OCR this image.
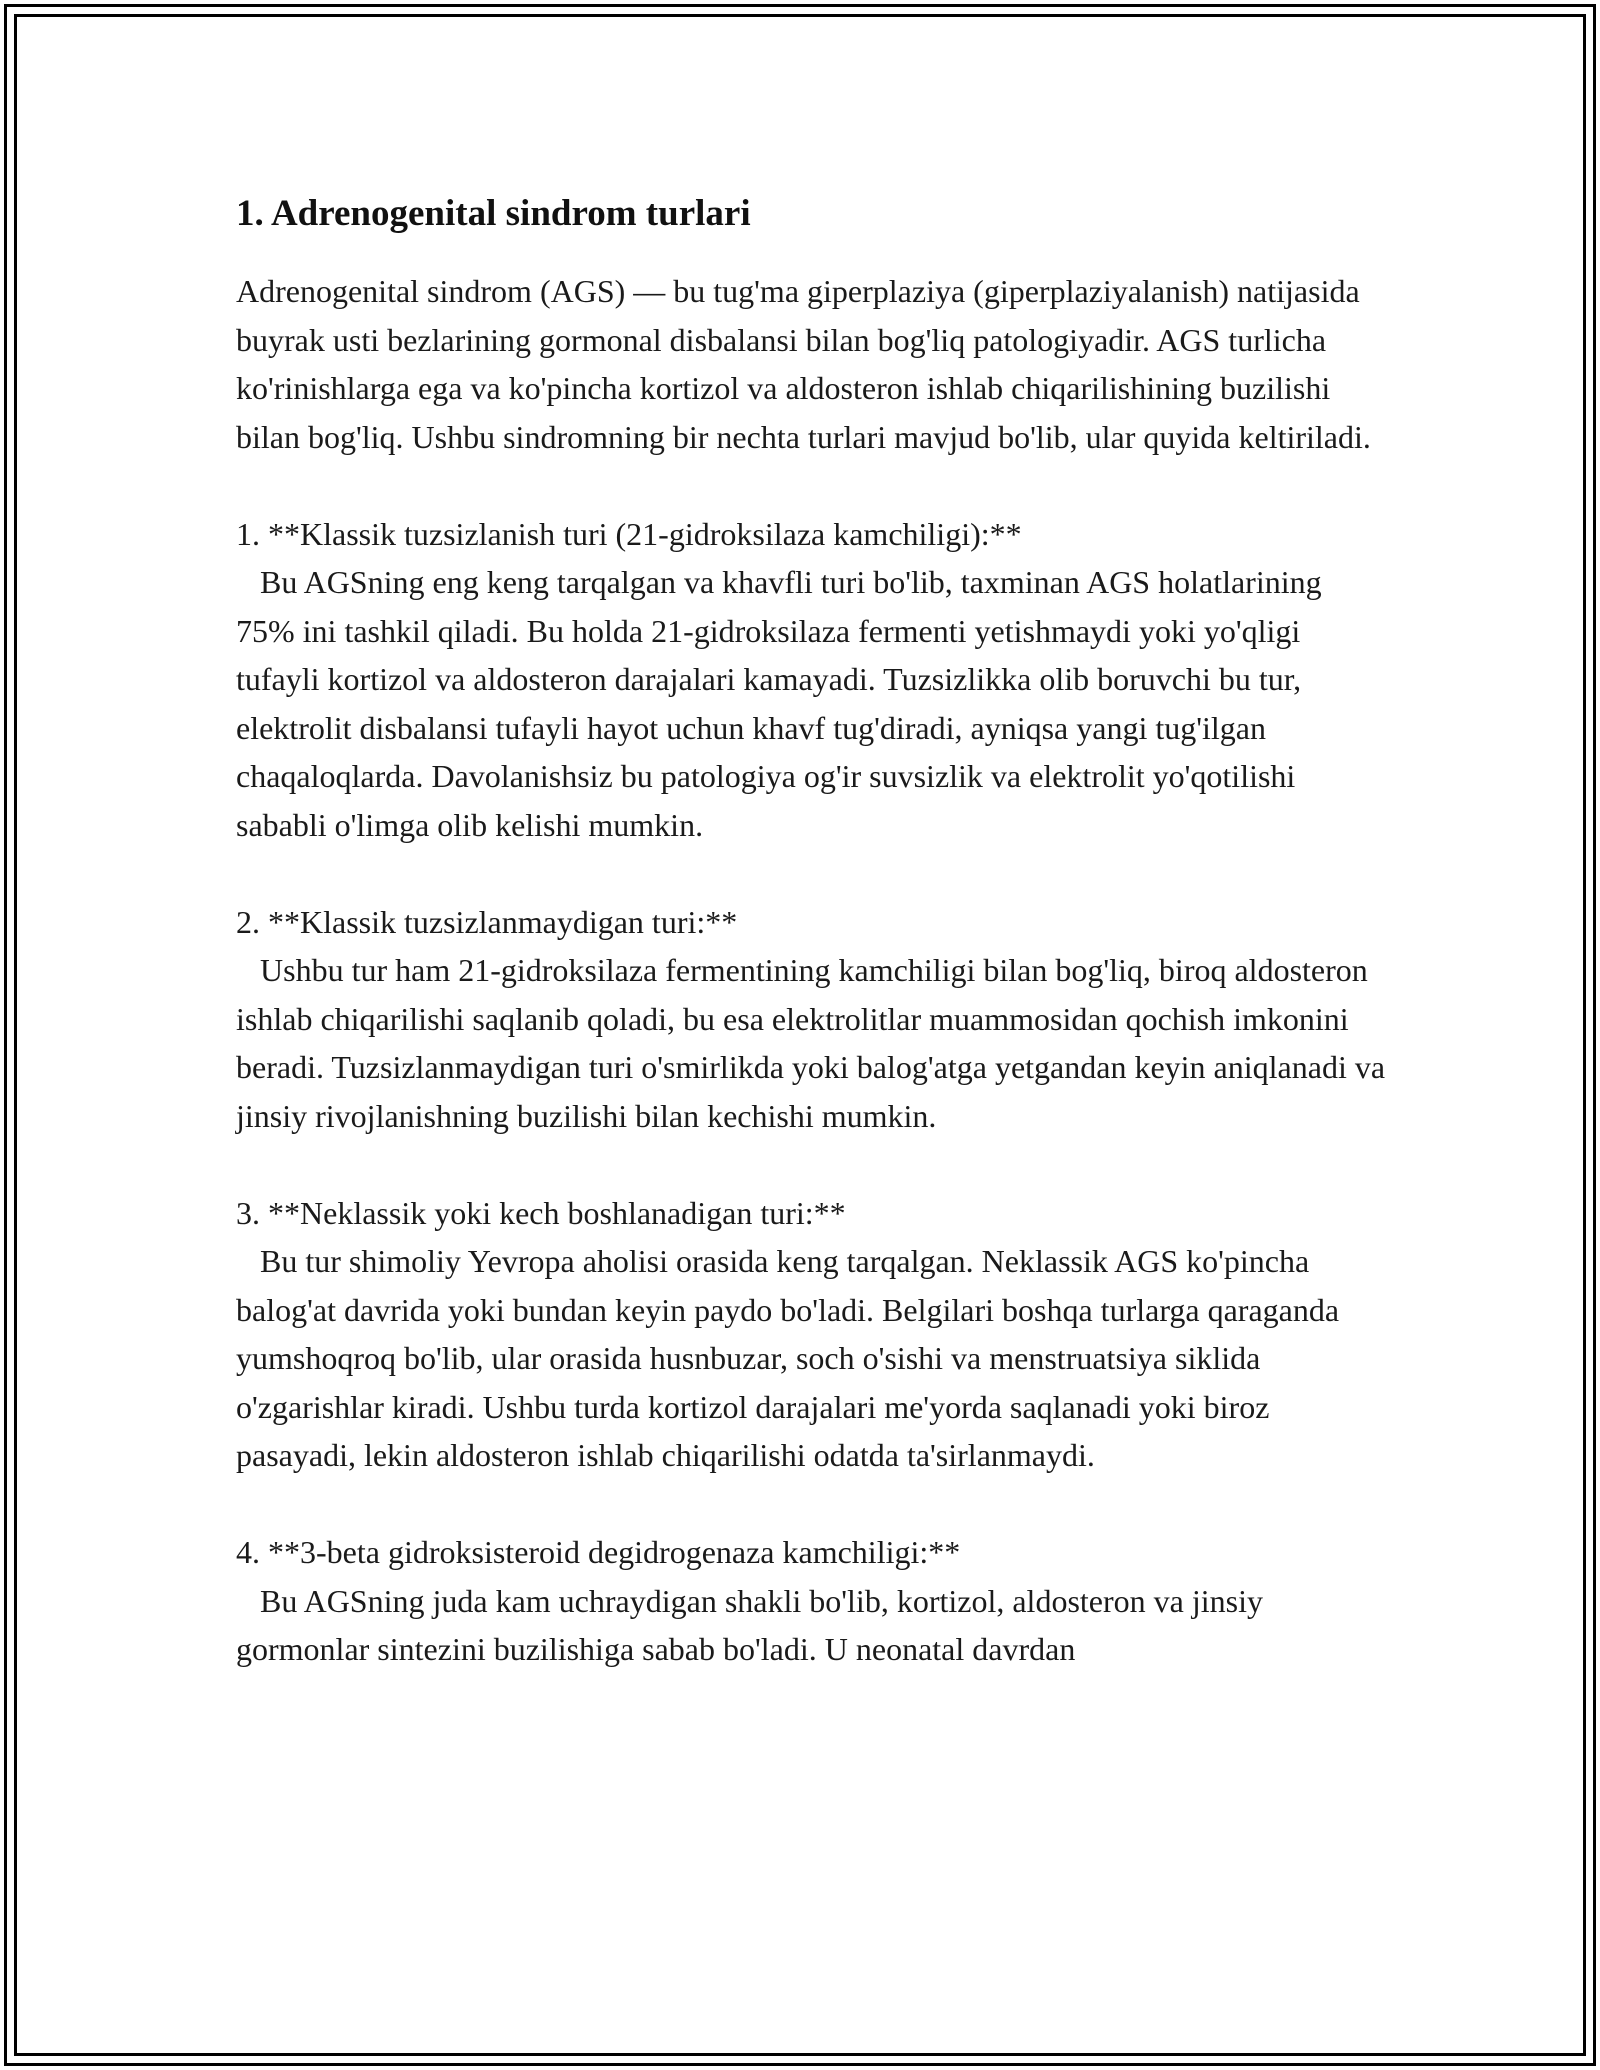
1. Adrenogenital sindrom turlari

Adrenogenital sindrom (AGS) — bu tug'ma giperplaziya (giperplaziyalanish) natijasida buyrak usti bezlarining gormonal disbalansi bilan bog'liq patologiyadir. AGS turlicha ko'rinishlarga ega va ko'pincha kortizol va aldosteron ishlab chiqarilishining buzilishi bilan bog'liq. Ushbu sindromning bir nechta turlari mavjud bo'lib, ular quyida keltiriladi.

1. **Klassik tuzsizlanish turi (21-gidroksilaza kamchiligi):**
Bu AGSning eng keng tarqalgan va khavfli turi bo'lib, taxminan AGS holatlarining 75% ini tashkil qiladi. Bu holda 21-gidroksilaza fermenti yetishmaydi yoki yo'qligi tufayli kortizol va aldosteron darajalari kamayadi. Tuzsizlikka olib boruvchi bu tur, elektrolit disbalansi tufayli hayot uchun khavf tug'diradi, ayniqsa yangi tug'ilgan chaqaloqlarda. Davolanishsiz bu patologiya og'ir suvsizlik va elektrolit yo'qotilishi sababli o'limga olib kelishi mumkin.

2. **Klassik tuzsizlanmaydigan turi:**
Ushbu tur ham 21-gidroksilaza fermentining kamchiligi bilan bog'liq, biroq aldosteron ishlab chiqarilishi saqlanib qoladi, bu esa elektrolitlar muammosidan qochish imkonini beradi. Tuzsizlanmaydigan turi o'smirlikda yoki balog'atga yetgandan keyin aniqlanadi va jinsiy rivojlanishning buzilishi bilan kechishi mumkin.

3. **Neklassik yoki kech boshlanadigan turi:**
Bu tur shimoliy Yevropa aholisi orasida keng tarqalgan. Neklassik AGS ko'pincha balog'at davrida yoki bundan keyin paydo bo'ladi. Belgilari boshqa turlarga qaraganda yumshoqroq bo'lib, ular orasida husnbuzar, soch o'sishi va menstruatsiya siklida o'zgarishlar kiradi. Ushbu turda kortizol darajalari me'yorda saqlanadi yoki biroz pasayadi, lekin aldosteron ishlab chiqarilishi odatda ta'sirlanmaydi.

4. **3-beta gidroksisteroid degidrogenaza kamchiligi:**
Bu AGSning juda kam uchraydigan shakli bo'lib, kortizol, aldosteron va jinsiy gormonlar sintezini buzilishiga sabab bo'ladi. U neonatal davrdan
